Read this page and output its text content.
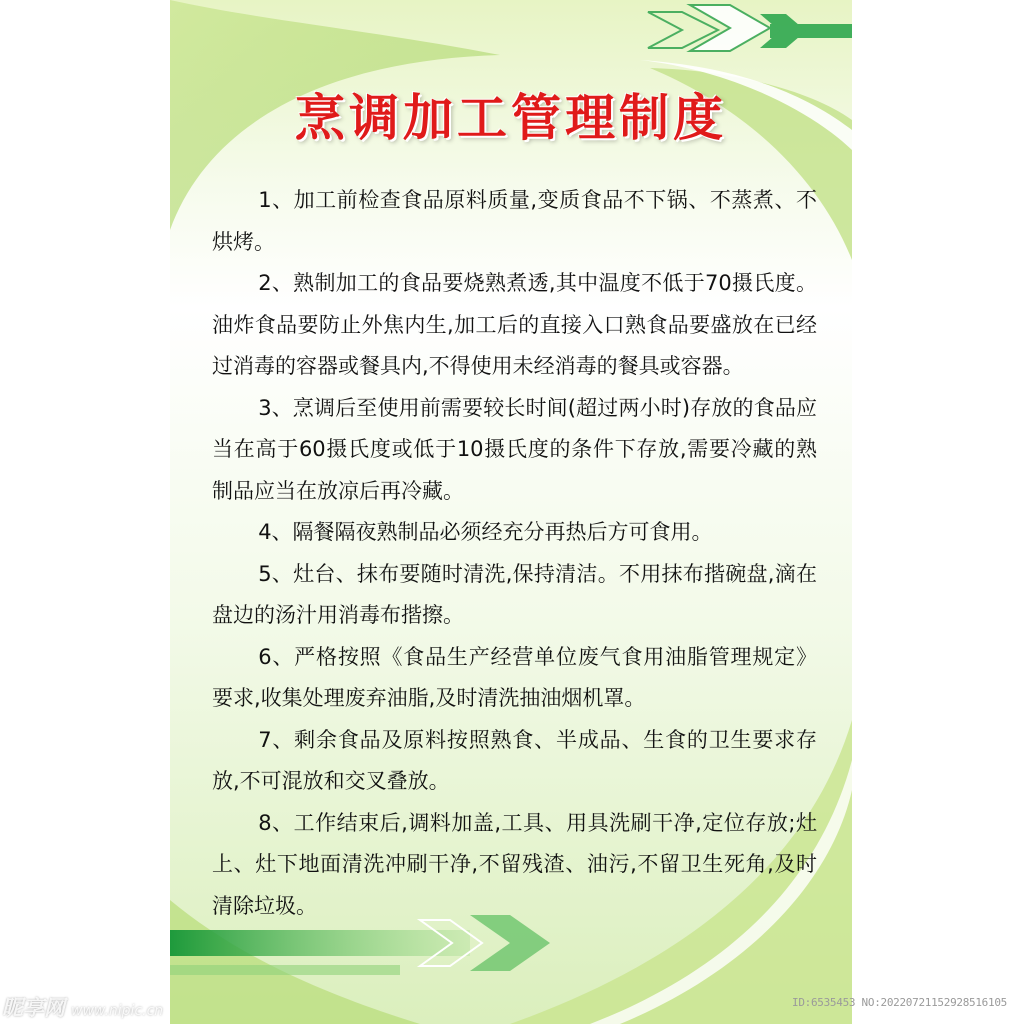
烹调加工管理制度

1、加工前检查食品原料质量,变质食品不下锅、不蒸煮、不烘烤。

2、熟制加工的食品要烧熟煮透,其中温度不低于70摄氏度。油炸食品要防止外焦内生,加工后的直接入口熟食品要盛放在已经过消毒的容器或餐具内,不得使用未经消毒的餐具或容器。

3、烹调后至使用前需要较长时间(超过两小时)存放的食品应当在高于60摄氏度或低于10摄氏度的条件下存放,需要冷藏的熟制品应当在放凉后再冷藏。

4、隔餐隔夜熟制品必须经充分再热后方可食用。

5、灶台、抹布要随时清洗,保持清洁。不用抹布揩碗盘,滴在盘边的汤汁用消毒布揩擦。

6、严格按照《食品生产经营单位废气食用油脂管理规定》要求,收集处理废弃油脂,及时清洗抽油烟机罩。

7、剩余食品及原料按照熟食、半成品、生食的卫生要求存放,不可混放和交叉叠放。

8、工作结束后,调料加盖,工具、用具洗刷干净,定位存放;灶上、灶下地面清洗冲刷干净,不留残渣、油污,不留卫生死角,及时清除垃圾。

昵享网 www.nipic.cn
ID:6535453 NO:20220721152928516105
